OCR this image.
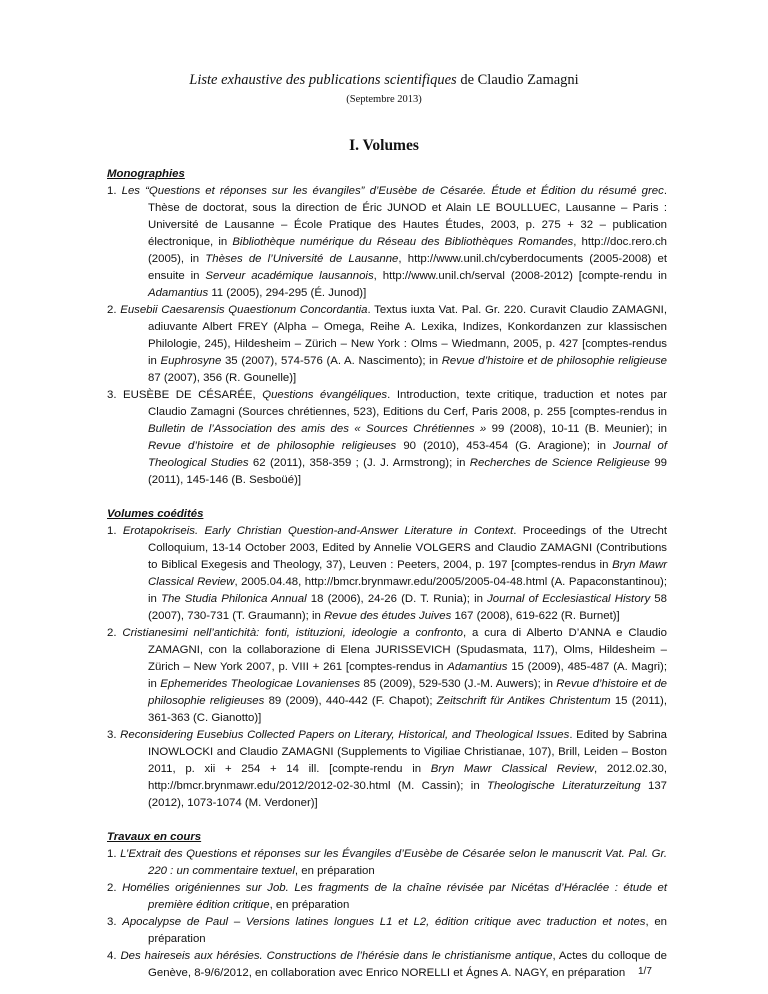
Liste exhaustive des publications scientifiques de Claudio Zamagni
(Septembre 2013)
I. Volumes
Monographies
1. Les “Questions et réponses sur les évangiles” d’Eusèbe de Césarée. Étude et Édition du résumé grec. Thèse de doctorat, sous la direction de Éric JUNOD et Alain LE BOULLUEC, Lausanne – Paris : Université de Lausanne – École Pratique des Hautes Études, 2003, p. 275 + 32 – publication électronique, in Bibliothèque numérique du Réseau des Bibliothèques Romandes, http://doc.rero.ch (2005), in Thèses de l’Université de Lausanne, http://www.unil.ch/cyberdocuments (2005-2008) et ensuite in Serveur académique lausannois, http://www.unil.ch/serval (2008-2012) [compte-rendu in Adamantius 11 (2005), 294-295 (É. Junod)]
2. Eusebii Caesarensis Quaestionum Concordantia. Textus iuxta Vat. Pal. Gr. 220. Curavit Claudio ZAMAGNI, adiuvante Albert FREY (Alpha – Omega, Reihe A. Lexika, Indizes, Konkordanzen zur klassischen Philologie, 245), Hildesheim – Zürich – New York : Olms – Wiedmann, 2005, p. 427 [comptes-rendus in Euphrosyne 35 (2007), 574-576 (A. A. Nascimento); in Revue d’histoire et de philosophie religieuse 87 (2007), 356 (R. Gounelle)]
3. EUSÈBE DE CÉSARÉE, Questions évangéliques. Introduction, texte critique, traduction et notes par Claudio Zamagni (Sources chrétiennes, 523), Editions du Cerf, Paris 2008, p. 255 [comptes-rendus in Bulletin de l’Association des amis des « Sources Chrétiennes » 99 (2008), 10-11 (B. Meunier); in Revue d’histoire et de philosophie religieuses 90 (2010), 453-454 (G. Aragione); in Journal of Theological Studies 62 (2011), 358-359 ; (J. J. Armstrong); in Recherches de Science Religieuse 99 (2011), 145-146 (B. Sesboüé)]
Volumes coédités
1. Erotapokriseis. Early Christian Question-and-Answer Literature in Context. Proceedings of the Utrecht Colloquium, 13-14 October 2003, Edited by Annelie VOLGERS and Claudio ZAMAGNI (Contributions to Biblical Exegesis and Theology, 37), Leuven : Peeters, 2004, p. 197 [comptes-rendus in Bryn Mawr Classical Review, 2005.04.48, http://bmcr.brynmawr.edu/2005/2005-04-48.html (A. Papaconstantinou); in The Studia Philonica Annual 18 (2006), 24-26 (D. T. Runia); in Journal of Ecclesiastical History 58 (2007), 730-731 (T. Graumann); in Revue des études Juives 167 (2008), 619-622 (R. Burnet)]
2. Cristianesimi nell’antichità: fonti, istituzioni, ideologie a confronto, a cura di Alberto D’ANNA e Claudio ZAMAGNI, con la collaborazione di Elena JURISSEVICH (Spudasmata, 117), Olms, Hildesheim – Zürich – New York 2007, p. VIII + 261 [comptes-rendus in Adamantius 15 (2009), 485-487 (A. Magri); in Ephemerides Theologicae Lovanienses 85 (2009), 529-530 (J.-M. Auwers); in Revue d’histoire et de philosophie religieuses 89 (2009), 440-442 (F. Chapot); Zeitschrift für Antikes Christentum 15 (2011), 361-363 (C. Gianotto)]
3. Reconsidering Eusebius Collected Papers on Literary, Historical, and Theological Issues. Edited by Sabrina INOWLOCKI and Claudio ZAMAGNI (Supplements to Vigiliae Christianae, 107), Brill, Leiden – Boston 2011, p. xii + 254 + 14 ill. [compte-rendu in Bryn Mawr Classical Review, 2012.02.30, http://bmcr.brynmawr.edu/2012/2012-02-30.html (M. Cassin); in Theologische Literaturzeitung 137 (2012), 1073-1074 (M. Verdoner)]
Travaux en cours
1. L’Extrait des Questions et réponses sur les Évangiles d’Eusèbe de Césarée selon le manuscrit Vat. Pal. Gr. 220 : un commentaire textuel, en préparation
2. Homélies origéniennes sur Job. Les fragments de la chaîne révisée par Nicétas d’Héraclée : étude et première édition critique, en préparation
3. Apocalypse de Paul – Versions latines longues L1 et L2, édition critique avec traduction et notes, en préparation
4. Des haireseis aux hérésies. Constructions de l’hérésie dans le christianisme antique, Actes du colloque de Genève, 8-9/6/2012, en collaboration avec Enrico NORELLI et Ágnes A. NAGY, en préparation	1/7
